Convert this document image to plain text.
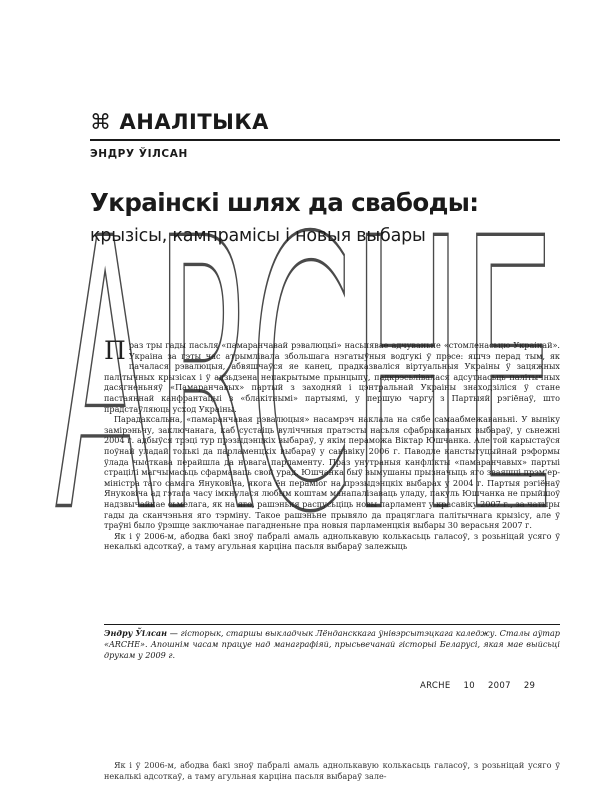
ARCHE
⌘ АНАЛІТЫКА
ЭНДРУ ЎІЛСАН
Украінскі шлях да свабоды:
крызісы, кампрамісы і новыя выбары

Праз тры гады пасьля «памаранчавай рэвалюцыі» насьпявае адчуваньне «стомленасьцю Украінай». Украіна за гэты час атрымлівала збольшага нэгатыўныя водгукі ў прэсе: яшчэ перад тым, як пачалася рэвалюцыя, абвяшчаўся яе канец, прадказваліся віртуальныя Украіны ў зацяжных палітычных крызісах і ў адзьдзена непакрытыме прынцыпу, падкрэсьлівалася адсутнасьць палітычных дасягненьняў «Памаранчавых» партый з заходняй і цэнтральнай Украіны знаходзіліся ў стане пастаяннай канфрантацыі з «блакітнымі» партыямі, у першую чаргу з Партыяй рэгіёнаў, што прадстаўляюць усход Украіны.

Парадаксальна, «памаранчавая рэвалюцыя» насамрэч наклала на сябе самаабмежаваньні. У выніку замірэньчу, заключанага, каб сустаіць вуліччныя пратэсты насьля сфабрыкаваных выбараў, у сьнежні 2004 г. адбыўся трэці тур прэзыдэнцкіх выбараў, у якім пераможа Віктар Юшчанка. Але той карыстаўся поўнай уладай толькі да парламенцкіх выбараў у сакавіку 2006 г. Паводле канстытуцыйнай рэформы ўлада чысткава перайшла да новага парламенту. Праз унутраныя канфлікты «памаранчавых» партыі страцілі магчымасьць сфармаваць свой урад. Юшчанка быў вымушаны прызначыць яго зваяшці прэм'ер-міністра таго самага Януковіча, якога ён пераміог на прэзыдэнцкіх выбарах у 2004 г. Партыя рэгіёнаў Януковіча ад гэтага часу імкнулася любым коштам манапалізаваць уладу, пакуль Юшчанка не прыйшоў надзвычайнае сьмелага, як на яго, рашэньня распусьціць новы парламент у красавіку 2007 г., за чатыры гады да сканчэньня яго тэрміну. Такое рашэньне прывяло да працяглага палітычнага крызісу, але ў траўні было ўрэшце заключанае пагадненьне пра новыя парламенцкія выбары 30 верасьня 2007 г.

Як і ў 2006-м, абодва бакі зноў пабралі амаль аднолькавую колькасьць галасоў, з розьніцай усяго ў некалькі адсоткаў, а таму агульная карціна пасьля выбараў залежыць

Эндру Ўілсан — гісторык, старшы выкладчык Лёндансккага ўнівэрсытэцкага каледжу. Сталы аўтар «ARCHE». Апошнім часам працуе над манаграфіяй, прысьвечанай гісторыі Беларусі, якая мае выйсьці друкам у 2009 г.
ARCHE 10 2007 29
Як і ў 2006-м, абодва бакі зноў пабралі амаль аднолькавую колькасьць галасоў, з розьніцай усяго ў некалькі адсоткаў, а таму агульная карціна пасьля выбараў зале-
